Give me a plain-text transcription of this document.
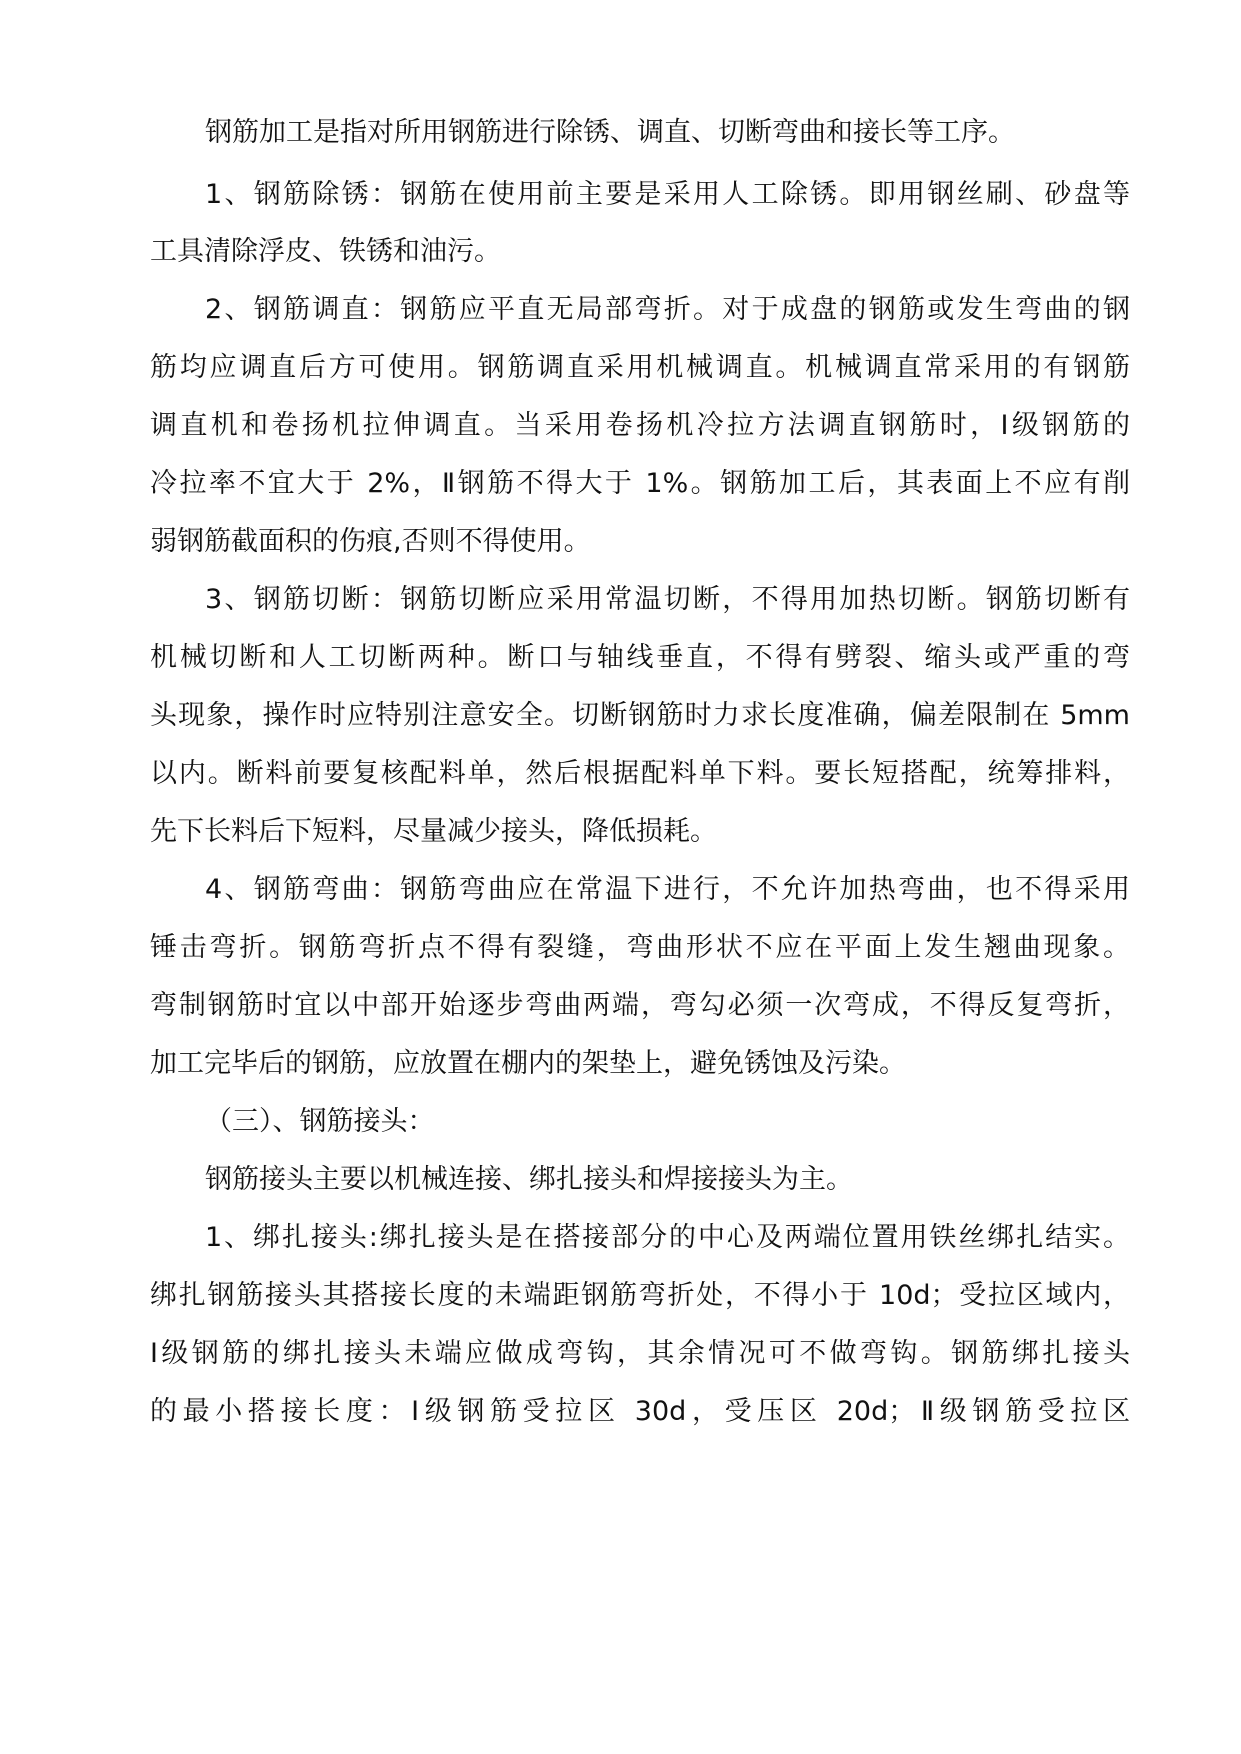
钢筋加工是指对所用钢筋进行除锈、调直、切断弯曲和接长等工序。

1、钢筋除锈：钢筋在使用前主要是采用人工除锈。即用钢丝刷、砂盘等

工具清除浮皮、铁锈和油污。

2、钢筋调直：钢筋应平直无局部弯折。对于成盘的钢筋或发生弯曲的钢

筋均应调直后方可使用。钢筋调直采用机械调直。机械调直常采用的有钢筋

调直机和卷扬机拉伸调直。当采用卷扬机冷拉方法调直钢筋时，Ⅰ级钢筋的

冷拉率不宜大于 2%，Ⅱ钢筋不得大于 1%。钢筋加工后，其表面上不应有削

弱钢筋截面积的伤痕,否则不得使用。

3、钢筋切断：钢筋切断应采用常温切断，不得用加热切断。钢筋切断有

机械切断和人工切断两种。断口与轴线垂直，不得有劈裂、缩头或严重的弯

头现象，操作时应特别注意安全。切断钢筋时力求长度准确，偏差限制在 5mm

以内。断料前要复核配料单，然后根据配料单下料。要长短搭配，统筹排料，

先下长料后下短料，尽量减少接头，降低损耗。

4、钢筋弯曲：钢筋弯曲应在常温下进行，不允许加热弯曲，也不得采用

锤击弯折。钢筋弯折点不得有裂缝，弯曲形状不应在平面上发生翘曲现象。

弯制钢筋时宜以中部开始逐步弯曲两端，弯勾必须一次弯成，不得反复弯折，

加工完毕后的钢筋，应放置在棚内的架垫上，避免锈蚀及污染。

（三）、钢筋接头：

钢筋接头主要以机械连接、绑扎接头和焊接接头为主。

1、绑扎接头:绑扎接头是在搭接部分的中心及两端位置用铁丝绑扎结实。

绑扎钢筋接头其搭接长度的未端距钢筋弯折处，不得小于 10d；受拉区域内，

Ⅰ级钢筋的绑扎接头未端应做成弯钩，其余情况可不做弯钩。钢筋绑扎接头

的最小搭接长度：Ⅰ级钢筋受拉区 30d，受压区 20d；Ⅱ级钢筋受拉区
